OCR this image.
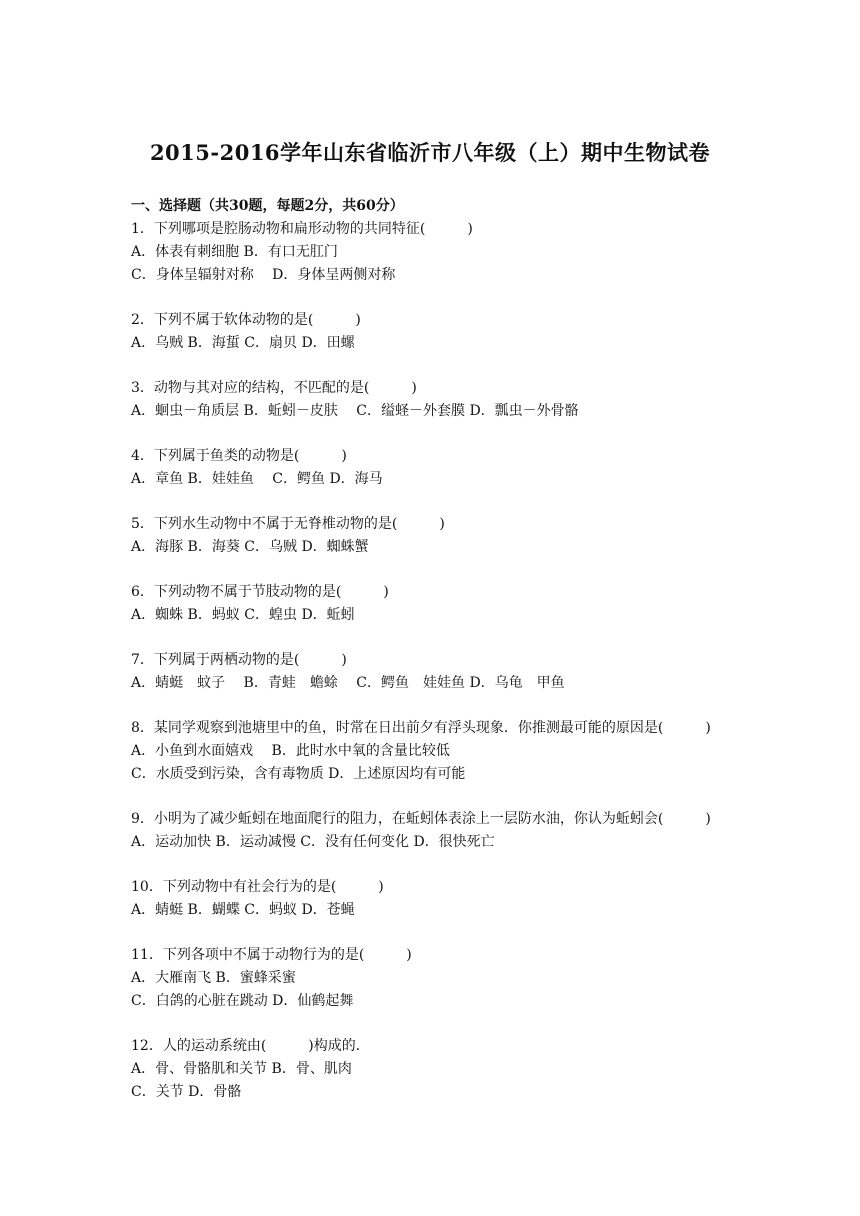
2015-2016学年山东省临沂市八年级（上）期中生物试卷
一、选择题（共30题，每题2分，共60分）
1．下列哪项是腔肠动物和扁形动物的共同特征(　　　)
A．体表有刺细胞 B．有口无肛门
C．身体呈辐射对称 　D．身体呈两侧对称
2．下列不属于软体动物的是(　　　)
A．乌贼 B．海蜇 C．扇贝 D．田螺
3．动物与其对应的结构，不匹配的是(　　　)
A．蛔虫－角质层 B．蚯蚓－皮肤 　C．缢蛏－外套膜 D．瓢虫－外骨骼
4．下列属于鱼类的动物是(　　　)
A．章鱼 B．娃娃鱼 　C．鳄鱼 D．海马
5．下列水生动物中不属于无脊椎动物的是(　　　)
A．海豚 B．海葵 C．乌贼 D．蜘蛛蟹
6．下列动物不属于节肢动物的是(　　　)
A．蜘蛛 B．蚂蚁 C．蝗虫 D．蚯蚓
7．下列属于两栖动物的是(　　　)
A．蜻蜓　蚊子 　B．青蛙　蟾蜍 　C．鳄鱼　娃娃鱼 D．乌龟　甲鱼
8．某同学观察到池塘里中的鱼，时常在日出前夕有浮头现象．你推测最可能的原因是(　　　)
A．小鱼到水面嬉戏 　B．此时水中氧的含量比较低
C．水质受到污染，含有毒物质 D．上述原因均有可能
9．小明为了减少蚯蚓在地面爬行的阻力，在蚯蚓体表涂上一层防水油，你认为蚯蚓会(　　　)
A．运动加快 B．运动减慢 C．没有任何变化 D．很快死亡
10．下列动物中有社会行为的是(　　　)
A．蜻蜓 B．蝴蝶 C．蚂蚁 D．苍蝇
11．下列各项中不属于动物行为的是(　　　)
A．大雁南飞 B．蜜蜂采蜜
C．白鸽的心脏在跳动 D．仙鹤起舞
12．人的运动系统由(　　　)构成的．
A．骨、骨骼肌和关节 B．骨、肌肉
C．关节 D．骨骼
